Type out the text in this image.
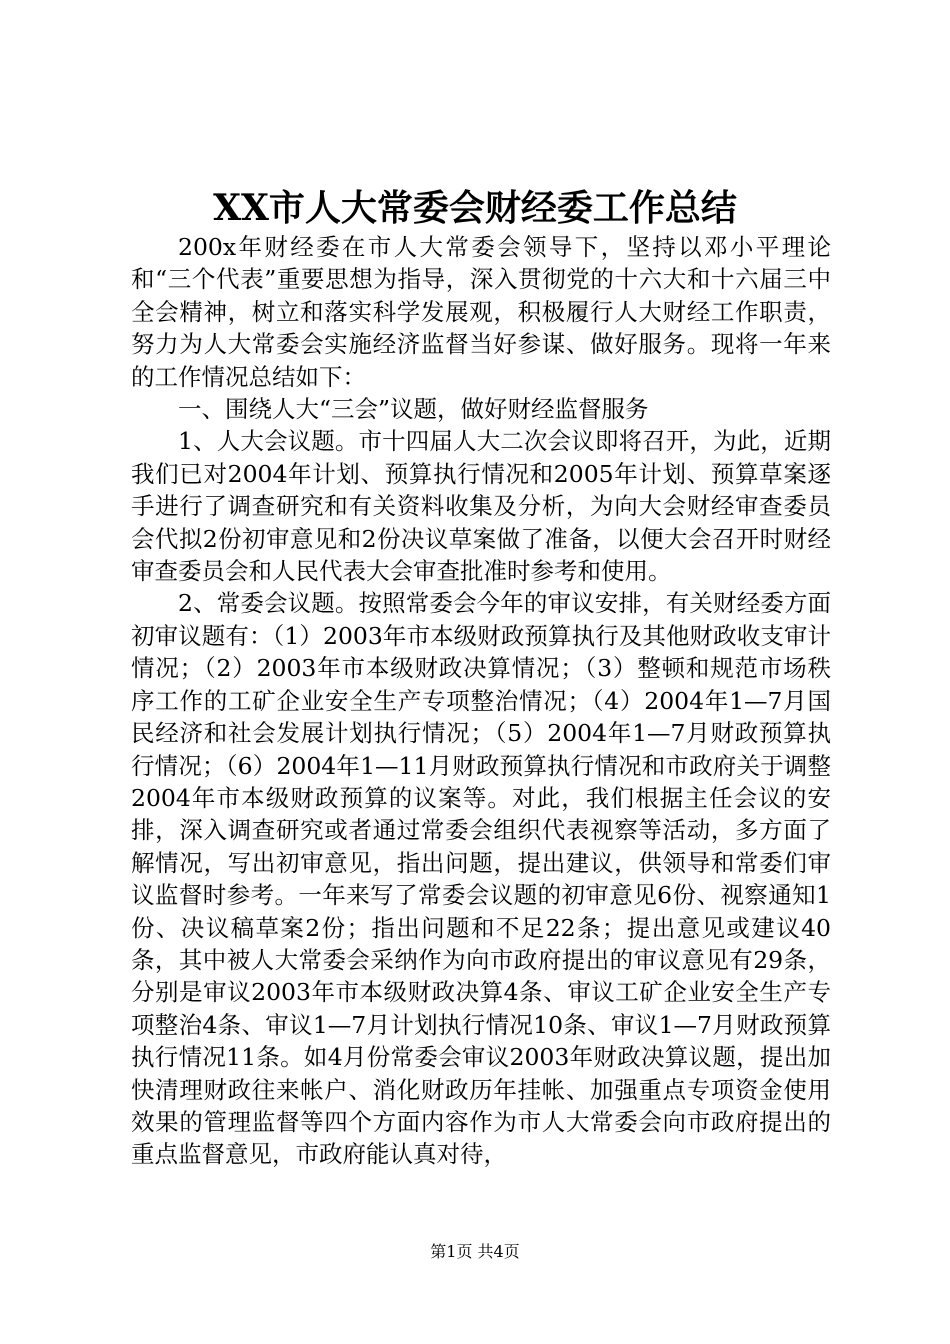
XX市人大常委会财经委工作总结

200x年财经委在市人大常委会领导下，坚持以邓小平理论和“三个代表”重要思想为指导，深入贯彻党的十六大和十六届三中全会精神，树立和落实科学发展观，积极履行人大财经工作职责，努力为人大常委会实施经济监督当好参谋、做好服务。现将一年来的工作情况总结如下：

一、围绕人大“三会”议题，做好财经监督服务

1、人大会议题。市十四届人大二次会议即将召开，为此，近期我们已对2004年计划、预算执行情况和2005年计划、预算草案逐手进行了调查研究和有关资料收集及分析，为向大会财经审查委员会代拟2份初审意见和2份决议草案做了准备，以便大会召开时财经审查委员会和人民代表大会审查批准时参考和使用。

2、常委会议题。按照常委会今年的审议安排，有关财经委方面初审议题有：（1）2003年市本级财政预算执行及其他财政收支审计情况；（2）2003年市本级财政决算情况；（3）整顿和规范市场秩序工作的工矿企业安全生产专项整治情况；（4）2004年1—7月国民经济和社会发展计划执行情况；（5）2004年1—7月财政预算执行情况；（6）2004年1—11月财政预算执行情况和市政府关于调整2004年市本级财政预算的议案等。对此，我们根据主任会议的安排，深入调查研究或者通过常委会组织代表视察等活动，多方面了解情况，写出初审意见，指出问题，提出建议，供领导和常委们审议监督时参考。一年来写了常委会议题的初审意见6份、视察通知1份、决议稿草案2份；指出问题和不足22条；提出意见或建议40条，其中被人大常委会采纳作为向市政府提出的审议意见有29条，分别是审议2003年市本级财政决算4条、审议工矿企业安全生产专项整治4条、审议1—7月计划执行情况10条、审议1—7月财政预算执行情况11条。如4月份常委会审议2003年财政决算议题，提出加快清理财政往来帐户、消化财政历年挂帐、加强重点专项资金使用效果的管理监督等四个方面内容作为市人大常委会向市政府提出的重点监督意见，市政府能认真对待，

第1页 共4页
